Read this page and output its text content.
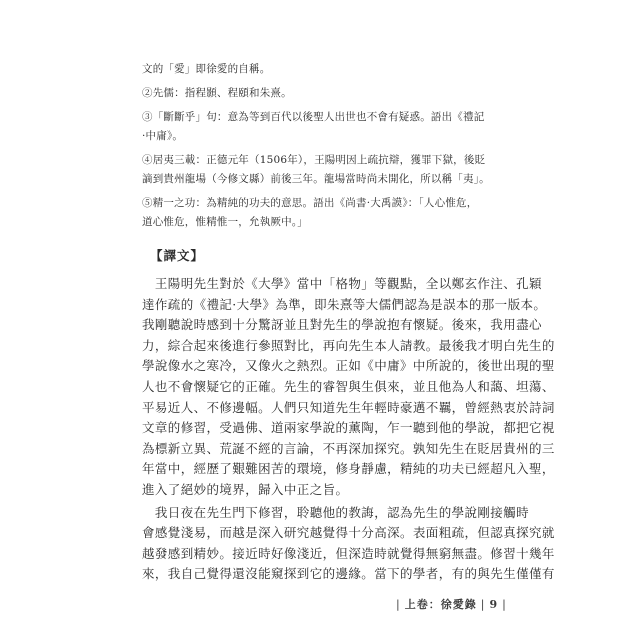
文的「愛」即徐愛的自稱。

②先儒：指程顥、程頤和朱熹。

③「斷斷乎」句：意為等到百代以後聖人出世也不會有疑惑。語出《禮記
·中庸》。

④居夷三載：正德元年（1506年），王陽明因上疏抗辯，獲罪下獄，後貶
謫到貴州龍場（今修文縣）前後三年。龍場當時尚未開化，所以稱「夷」。

⑤精一之功：為精純的功夫的意思。語出《尚書·大禹謨》：「人心惟危，
道心惟危，惟精惟一，允執厥中。」

【譯文】
　王陽明先生對於《大學》當中「格物」等觀點，全以鄭玄作注、孔穎
達作疏的《禮記·大學》為準，即朱熹等大儒們認為是誤本的那一版本。
我剛聽說時感到十分驚訝並且對先生的學說抱有懷疑。後來，我用盡心
力，綜合起來後進行參照對比，再向先生本人請教。最後我才明白先生的
學說像水之寒冷，又像火之熱烈。正如《中庸》中所說的，後世出現的聖
人也不會懷疑它的正確。先生的睿智與生俱來，並且他為人和藹、坦蕩、
平易近人、不修邊幅。人們只知道先生年輕時豪邁不羈，曾經熱衷於詩詞
文章的修習，受過佛、道兩家學說的薰陶，乍一聽到他的學說，都把它視
為標新立異、荒誕不經的言論，不再深加探究。孰知先生在貶居貴州的三
年當中，經歷了艱難困苦的環境，修身靜慮，精純的功夫已經超凡入聖，
進入了絕妙的境界，歸入中正之旨。
　我日夜在先生門下修習，聆聽他的教誨，認為先生的學說剛接觸時
會感覺淺易，而越是深入研究越覺得十分高深。表面粗疏，但認真探究就
越發感到精妙。接近時好像淺近，但深造時就覺得無窮無盡。修習十幾年
來，我自己覺得還沒能窺探到它的邊緣。當下的學者，有的與先生僅僅有
| 上卷：徐愛錄 | 9 |
